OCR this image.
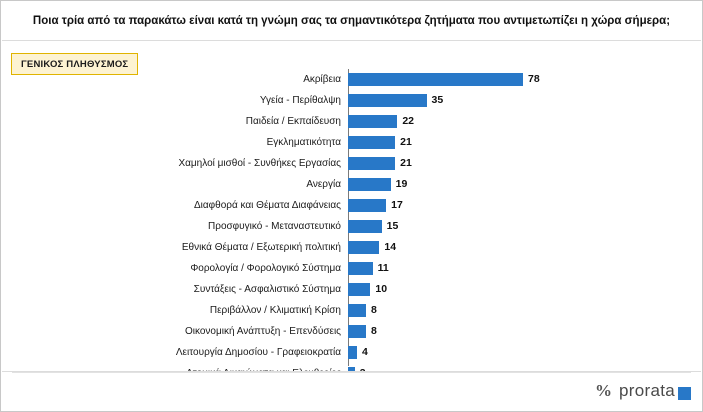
Ποια τρία από τα παρακάτω είναι κατά τη γνώμη σας τα σημαντικότερα ζητήματα που αντιμετωπίζει η χώρα σήμερα;
ΓΕΝΙΚΟΣ ΠΛΗΘΥΣΜΟΣ
Ακρίβεια	78
Υγεία - Περίθαλψη	35
Παιδεία / Εκπαίδευση	22
Εγκληματικότητα	21
Χαμηλοί μισθοί - Συνθήκες Εργασίας	21
Ανεργία	19
Διαφθορά και Θέματα Διαφάνειας	17
Προσφυγικό - Μεταναστευτικό	15
Εθνικά Θέματα / Εξωτερική πολιτική	14
Φορολογία / Φορολογικό Σύστημα	11
Συντάξεις - Ασφαλιστικό Σύστημα	10
Περιβάλλον / Κλιματική Κρίση	8
Οικονομική Ανάπτυξη - Επενδύσεις	8
Λειτουργία Δημοσίου - Γραφειοκρατία	4
% prorata
